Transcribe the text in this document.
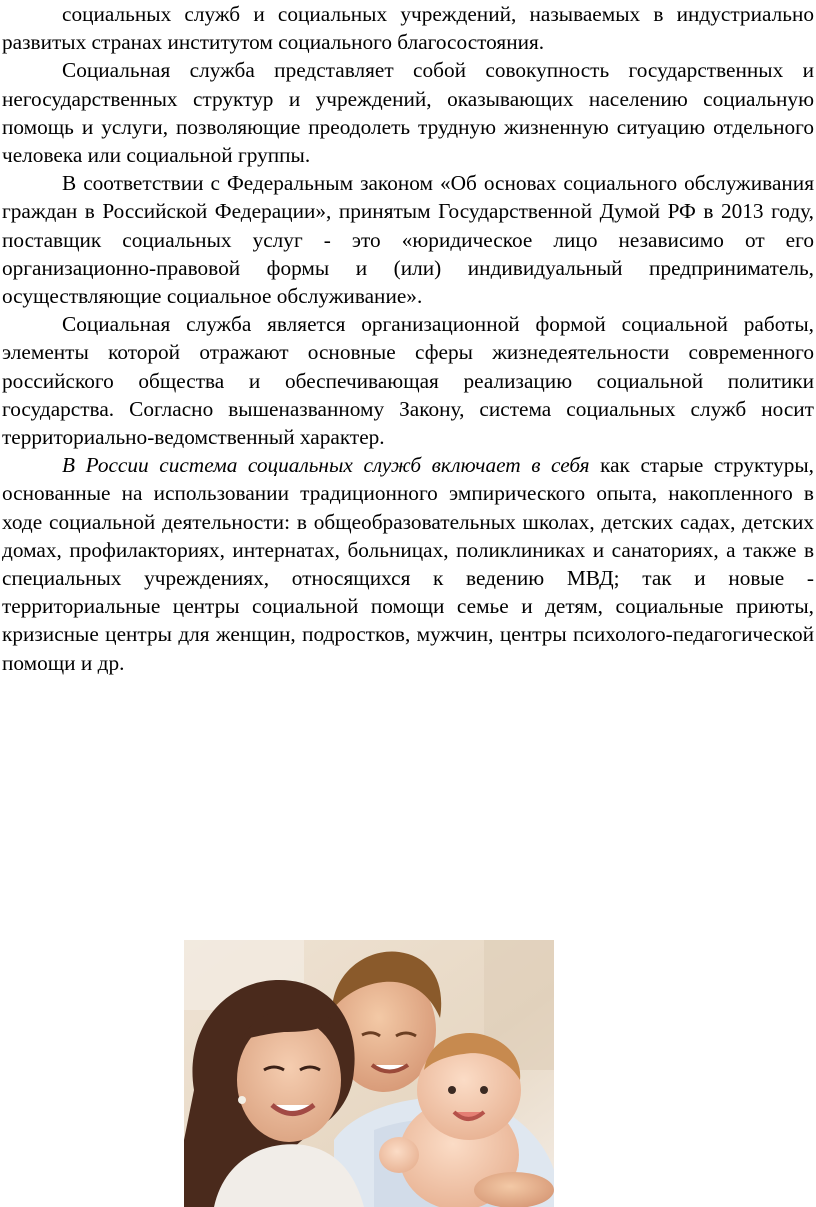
социальных служб и социальных учреждений, называемых в индустриально развитых странах институтом социального благосостояния.

Социальная служба представляет собой совокупность государственных и негосударственных структур и учреждений, оказывающих населению социальную помощь и услуги, позволяющие преодолеть трудную жизненную ситуацию отдельного человека или социальной группы.

В соответствии с Федеральным законом «Об основах социального обслуживания граждан в Российской Федерации», принятым Государственной Думой РФ в 2013 году, поставщик социальных услуг - это «юридическое лицо независимо от его организационно-правовой формы и (или) индивидуальный предприниматель, осуществляющие социальное обслуживание».

Социальная служба является организационной формой социальной работы, элементы которой отражают основные сферы жизнедеятельности современного российского общества и обеспечивающая реализацию социальной политики государства. Согласно вышеназванному Закону, система социальных служб носит территориально-ведомственный характер.

В России система социальных служб включает в себя как старые структуры, основанные на использовании традиционного эмпирического опыта, накопленного в ходе социальной деятельности: в общеобразовательных школах, детских садах, детских домах, профилакториях, интернатах, больницах, поликлиниках и санаториях, а также в специальных учреждениях, относящихся к ведению МВД; так и новые - территориальные центры социальной помощи семье и детям, социальные приюты, кризисные центры для женщин, подростков, мужчин, центры психолого-педагогической помощи и др.
